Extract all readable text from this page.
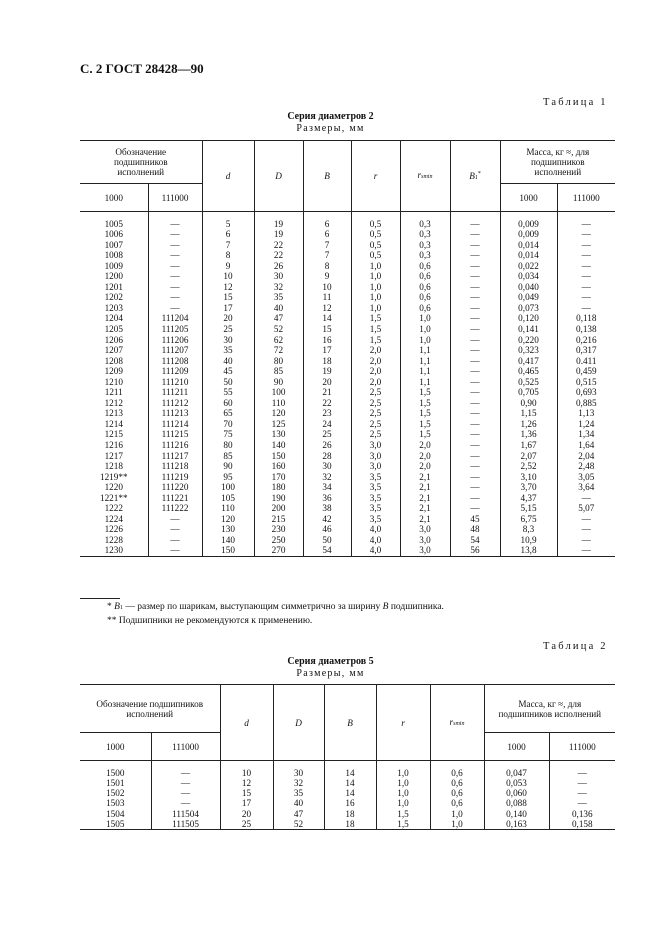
С. 2 ГОСТ 28428—90
Таблица 1
Серия диаметров 2
Размеры, мм
Обозначение подшипников исполнений		d	D	B	r	rsmin	B1*	Масса, кг ≈, для подшипников исполнений	
1000	111000							1000	111000

1005	—	5	19	6	0,5	0,3	—	0,009	—
1006	—	6	19	6	0,5	0,3	—	0,009	—
1007	—	7	22	7	0,5	0,3	—	0,014	—
1008	—	8	22	7	0,5	0,3	—	0,014	—
1009	—	9	26	8	1,0	0,6	—	0,022	—
1200	—	10	30	9	1,0	0,6	—	0,034	—
1201	—	12	32	10	1,0	0,6	—	0,040	—
1202	—	15	35	11	1,0	0,6	—	0,049	—
1203	—	17	40	12	1,0	0,6	—	0,073	—
1204	111204	20	47	14	1,5	1,0	—	0,120	0,118
1205	111205	25	52	15	1,5	1,0	—	0,141	0,138
1206	111206	30	62	16	1,5	1,0	—	0,220	0,216
1207	111207	35	72	17	2,0	1,1	—	0,323	0,317
1208	111208	40	80	18	2,0	1,1	—	0,417	0.411
1209	111209	45	85	19	2,0	1,1	—	0,465	0,459
1210	111210	50	90	20	2,0	1,1	—	0,525	0,515
1211	111211	55	100	21	2,5	1,5	—	0,705	0,693
1212	111212	60	110	22	2,5	1,5	—	0,90	0,885
1213	111213	65	120	23	2,5	1,5	—	1,15	1,13
1214	111214	70	125	24	2,5	1,5	—	1,26	1,24
1215	111215	75	130	25	2,5	1,5	—	1,36	1,34
1216	111216	80	140	26	3,0	2,0	—	1,67	1,64
1217	111217	85	150	28	3,0	2,0	—	2,07	2,04
1218	111218	90	160	30	3,0	2,0	—	2,52	2,48
1219**	111219	95	170	32	3,5	2,1	—	3,10	3,05
1220	111220	100	180	34	3,5	2,1	—	3,70	3,64
1221**	111221	105	190	36	3,5	2,1	—	4,37	—
1222	111222	110	200	38	3,5	2,1	—	5,15	5,07
1224	—	120	215	42	3,5	2,1	45	6,75	—
1226	—	130	230	46	4,0	3,0	48	8,3	—
1228	—	140	250	50	4,0	3,0	54	10,9	—
1230	—	150	270	54	4,0	3,0	56	13,8	—
* B1 — размер по шарикам, выступающим симметрично за ширину B подшипника.
** Подшипники не рекомендуются к применению.
Таблица 2
Серия диаметров 5
Размеры, мм
Обозначение подшипников исполнений		d	D	B	r	rsmin	Масса, кг ≈, для подшипников исполнений	
1000	111000						1000	111000

1500	—	10	30	14	1,0	0,6	0,047	—
1501	—	12	32	14	1,0	0,6	0,053	—
1502	—	15	35	14	1,0	0,6	0,060	—
1503	—	17	40	16	1,0	0,6	0,088	—
1504	111504	20	47	18	1,5	1,0	0,140	0,136
1505	111505	25	52	18	1,5	1,0	0,163	0,158
